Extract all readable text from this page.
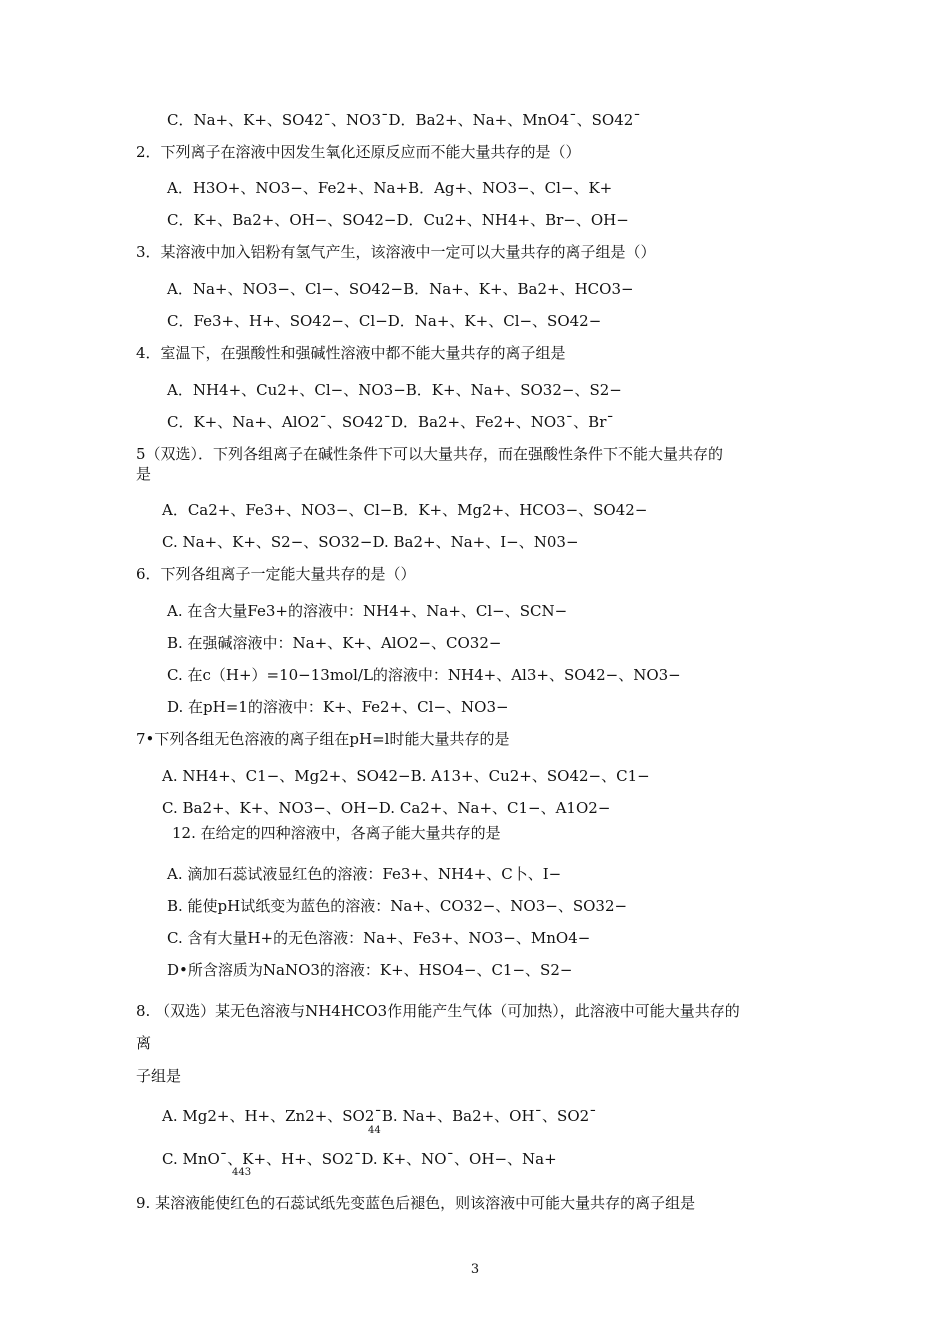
C．Na+、K+、SO42¯、NO3¯D．Ba2+、Na+、MnO4¯、SO42¯
2．下列离子在溶液中因发生氧化还原反应而不能大量共存的是（）
A．H3O+、NO3−、Fe2+、Na+B．Ag+、NO3−、Cl−、K+
C．K+、Ba2+、OH−、SO42−D．Cu2+、NH4+、Br−、OH−
3．某溶液中加入铝粉有氢气产生，该溶液中一定可以大量共存的离子组是（）
A．Na+、NO3−、Cl−、SO42−B．Na+、K+、Ba2+、HCO3−
C．Fe3+、H+、SO42−、Cl−D．Na+、K+、Cl−、SO42−
4．室温下，在强酸性和强碱性溶液中都不能大量共存的离子组是
A．NH4+、Cu2+、Cl−、NO3−B．K+、Na+、SO32−、S2−
C．K+、Na+、AlO2¯、SO42¯D．Ba2+、Fe2+、NO3¯、Br¯
5（双选）．下列各组离子在碱性条件下可以大量共存，而在强酸性条件下不能大量共存的
是
A．Ca2+、Fe3+、NO3−、Cl−B．K+、Mg2+、HCO3−、SO42−
C. Na+、K+、S2−、SO32−D. Ba2+、Na+、I−、N03−
6．下列各组离子一定能大量共存的是（）
A. 在含大量Fe3+的溶液中：NH4+、Na+、Cl−、SCN−
B. 在强碱溶液中：Na+、K+、AlO2−、CO32−
C. 在c（H+）=10−13mol/L的溶液中：NH4+、Al3+、SO42−、NO3−
D. 在pH=1的溶液中：K+、Fe2+、Cl−、NO3−
7•下列各组无色溶液的离子组在pH=l时能大量共存的是
A. NH4+、C1−、Mg2+、SO42−B. A13+、Cu2+、SO42−、C1−
C. Ba2+、K+、NO3−、OH−D. Ca2+、Na+、C1−、A1O2−
12. 在给定的四种溶液中，各离子能大量共存的是
A. 滴加石蕊试液显红色的溶液：Fe3+、NH4+、C卜、I−
B. 能使pH试纸变为蓝色的溶液：Na+、CO32−、NO3−、SO32−
C. 含有大量H+的无色溶液：Na+、Fe3+、NO3−、MnO4−
D•所含溶质为NaNO3的溶液：K+、HSO4−、C1−、S2−
8. （双选）某无色溶液与NH4HCO3作用能产生气体（可加热），此溶液中可能大量共存的
离
子组是
A. Mg2+、H+、Zn2+、SO2¯B. Na+、Ba2+、OH¯、SO2¯
44
C. MnO¯、K+、H+、SO2¯D. K+、NO¯、OH−、Na+
443
9. 某溶液能使红色的石蕊试纸先变蓝色后褪色，则该溶液中可能大量共存的离子组是
3
